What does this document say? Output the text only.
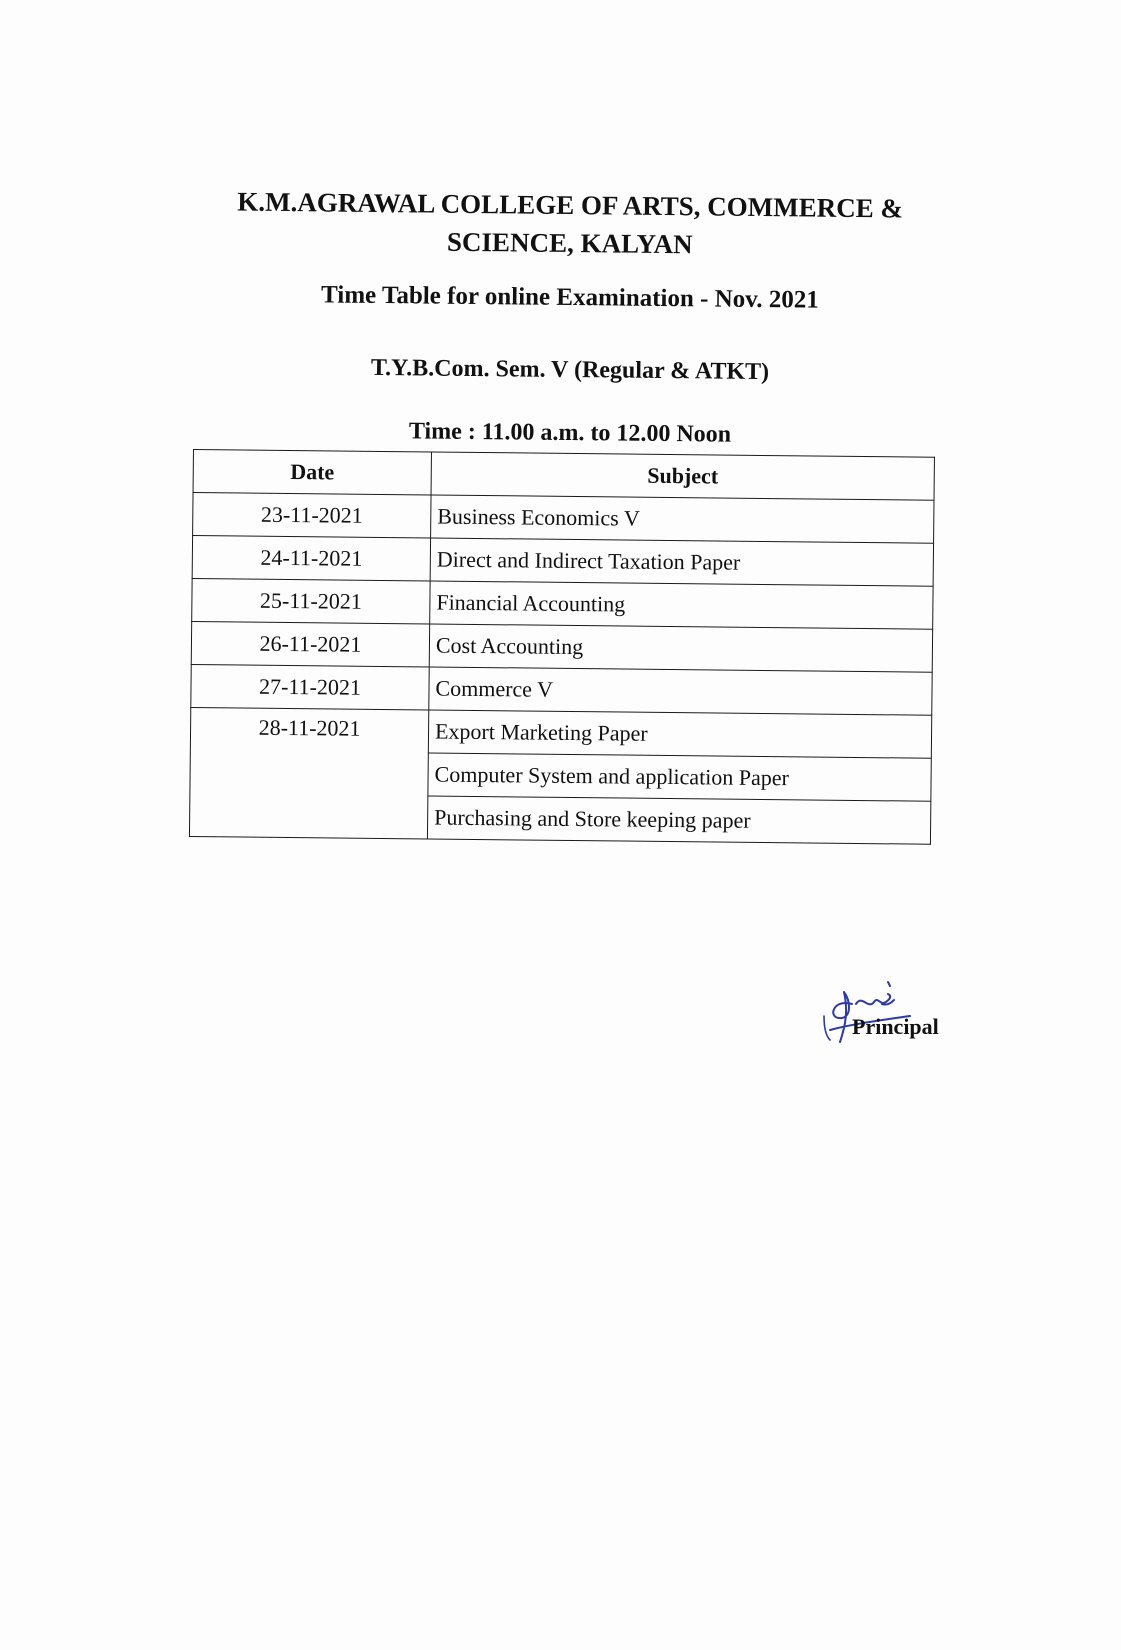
K.M.AGRAWAL COLLEGE OF ARTS, COMMERCE & SCIENCE, KALYAN
Time Table for online Examination - Nov. 2021
T.Y.B.Com. Sem. V (Regular & ATKT)
Time : 11.00 a.m. to 12.00 Noon
Date	Subject
23-11-2021	Business Economics V
24-11-2021	Direct and Indirect Taxation Paper
25-11-2021	Financial Accounting
26-11-2021	Cost Accounting
27-11-2021	Commerce V
28-11-2021	Export Marketing Paper
	Computer System and application Paper
	Purchasing and Store keeping paper
Principal
